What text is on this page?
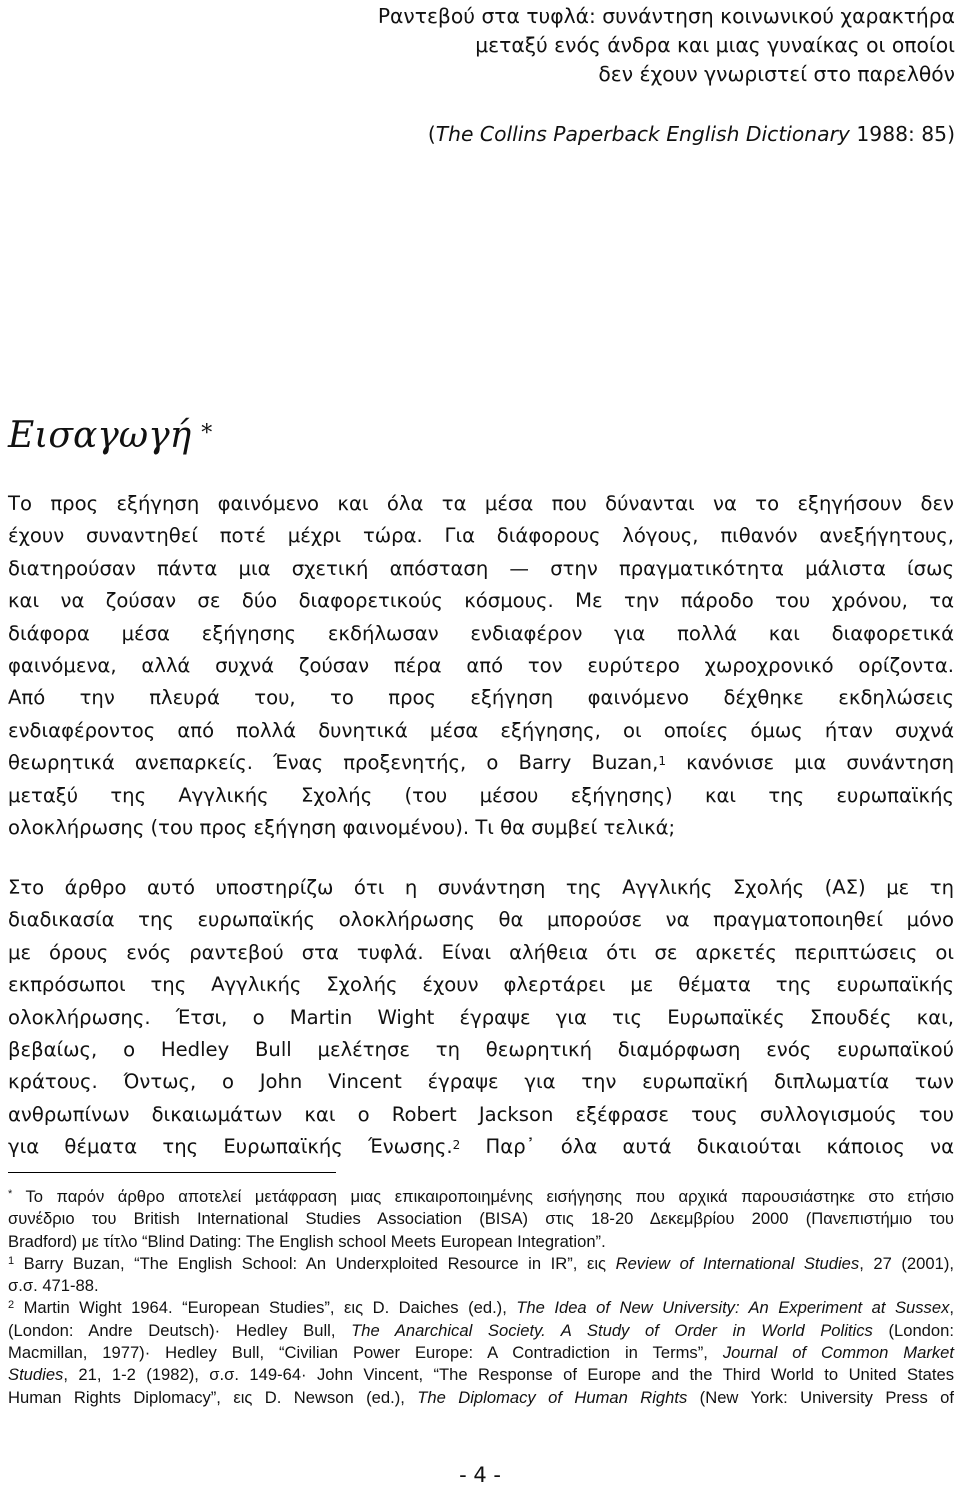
Ραντεβού στα τυφλά: συνάντηση κοινωνικού χαρακτήρα
μεταξύ ενός άνδρα και μιας γυναίκας οι οποίοι
δεν έχουν γνωριστεί στο παρελθόν
(The Collins Paperback English Dictionary 1988: 85)
Εισαγωγή *
Το προς εξήγηση φαινόμενο και όλα τα μέσα που δύνανται να το εξηγήσουν δεν
έχουν συναντηθεί ποτέ μέχρι τώρα. Για διάφορους λόγους, πιθανόν ανεξήγητους,
διατηρούσαν πάντα μια σχετική απόσταση — στην πραγματικότητα μάλιστα ίσως
και να ζούσαν σε δύο διαφορετικούς κόσμους. Με την πάροδο του χρόνου, τα
διάφορα μέσα εξήγησης εκδήλωσαν ενδιαφέρον για πολλά και διαφορετικά
φαινόμενα, αλλά συχνά ζούσαν πέρα από τον ευρύτερο χωροχρονικό ορίζοντα.
Από την πλευρά του, το προς εξήγηση φαινόμενο δέχθηκε εκδηλώσεις
ενδιαφέροντος από πολλά δυνητικά μέσα εξήγησης, οι οποίες όμως ήταν συχνά
θεωρητικά ανεπαρκείς. Ένας προξενητής, ο Barry Buzan,$^1$ κανόνισε μια συνάντηση
μεταξύ της Αγγλικής Σχολής (του μέσου εξήγησης) και της ευρωπαϊκής
ολοκλήρωσης (του προς εξήγηση φαινομένου). Τι θα συμβεί τελικά;
Στο άρθρο αυτό υποστηρίζω ότι η συνάντηση της Αγγλικής Σχολής (ΑΣ) με τη
διαδικασία της ευρωπαϊκής ολοκλήρωσης θα μπορούσε να πραγματοποιηθεί μόνο
με όρους ενός ραντεβού στα τυφλά. Είναι αλήθεια ότι σε αρκετές περιπτώσεις οι
εκπρόσωποι της Αγγλικής Σχολής έχουν φλερτάρει με θέματα της ευρωπαϊκής
ολοκλήρωσης. Έτσι, ο Martin Wight έγραψε για τις Ευρωπαϊκές Σπουδές και,
βεβαίως, ο Hedley Bull μελέτησε τη θεωρητική διαμόρφωση ενός ευρωπαϊκού
κράτους. Όντως, ο John Vincent έγραψε για την ευρωπαϊκή διπλωματία των
ανθρωπίνων δικαιωμάτων και ο Robert Jackson εξέφρασε τους συλλογισμούς του
για θέματα της Ευρωπαϊκής Ένωσης.$^2$ Παρ᾽ όλα αυτά δικαιούται κάποιος να
* Το παρόν άρθρο αποτελεί μετάφραση μιας επικαιροποιημένης εισήγησης που αρχικά παρουσιάστηκε στο ετήσιο
συνέδριο του British International Studies Association (BISA) στις 18-20 Δεκεμβρίου 2000 (Πανεπιστήμιο του
Bradford) με τίτλο “Blind Dating: The English school Meets European Integration”.
$^1$ Barry Buzan, “The English School: An Underxploited Resource in IR”, εις Review of International Studies, 27 (2001),
σ.σ. 471-88.
$^2$ Martin Wight 1964. “European Studies”, εις D. Daiches (ed.), The Idea of New University: An Experiment at Sussex,
(London: Andre Deutsch)· Hedley Bull, The Anarchical Society. A Study of Order in World Politics (London:
Macmillan, 1977)· Hedley Bull, “Civilian Power Europe: A Contradiction in Terms”, Journal of Common Market
Studies, 21, 1-2 (1982), σ.σ. 149-64· John Vincent, “The Response of Europe and the Third World to United States
Human Rights Diplomacy”, εις D. Newson (ed.), The Diplomacy of Human Rights (New York: University Press of
- 4 -
